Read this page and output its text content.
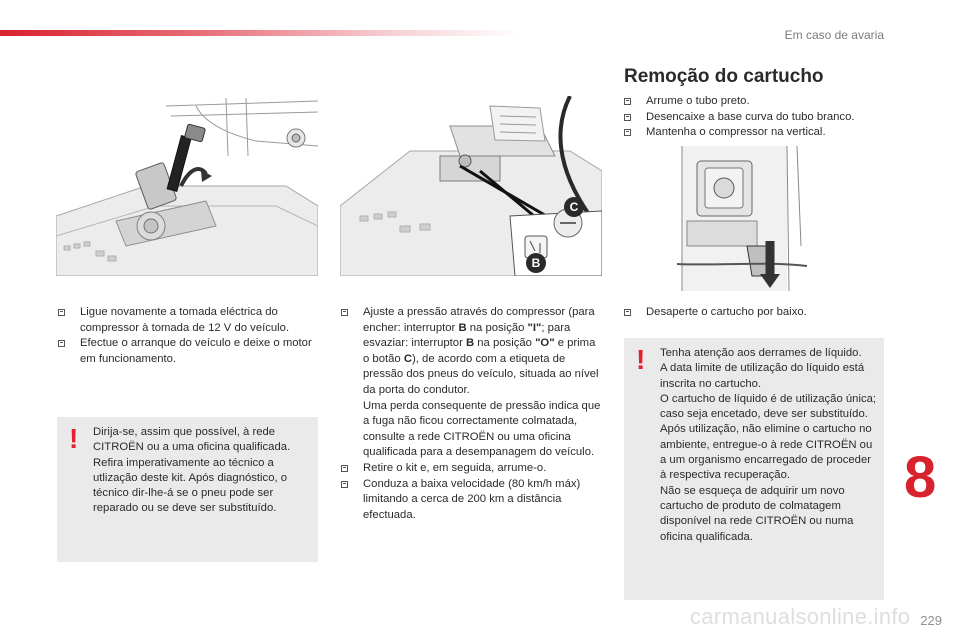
Em caso de avaria
C
B
Remoção do cartucho
Arrume o tubo preto.
Desencaixe a base curva do tubo branco.
Mantenha o compressor na vertical.
Ligue novamente a tomada eléctrica do compressor à tomada de 12 V do veículo.
Efectue o arranque do veículo e deixe o motor em funcionamento.
! Dirija-se, assim que possível, à rede CITROËN ou a uma oficina qualificada. Refira imperativamente ao técnico a utlização deste kit. Após diagnóstico, o técnico dir-lhe-á se o pneu pode ser reparado ou se deve ser substituído.
Ajuste a pressão através do compressor (para encher: interruptor B na posição "I"; para esvaziar: interruptor B na posição "O" e prima o botão C), de acordo com a etiqueta de pressão dos pneus do veículo, situada ao nível da porta do condutor.
Uma perda consequente de pressão indica que a fuga não ficou correctamente colmatada, consulte a rede CITROËN ou uma oficina qualificada para a desempanagem do veículo.
Retire o kit e, em seguida, arrume-o.
Conduza a baixa velocidade (80 km/h máx) limitando a cerca de 200 km a distância efectuada.
Desaperte o cartucho por baixo.
! Tenha atenção aos derrames de líquido.
A data limite de utilização do líquido está inscrita no cartucho.
O cartucho de líquido é de utilização única; caso seja encetado, deve ser substituído.
Após utilização, não elimine o cartucho no ambiente, entregue-o à rede CITROËN ou a um organismo encarregado de proceder à respectiva recuperação.
Não se esqueça de adquirir um novo cartucho de produto de colmatagem disponível na rede CITROËN ou numa oficina qualificada.
8
carmanualsonline.info 229
